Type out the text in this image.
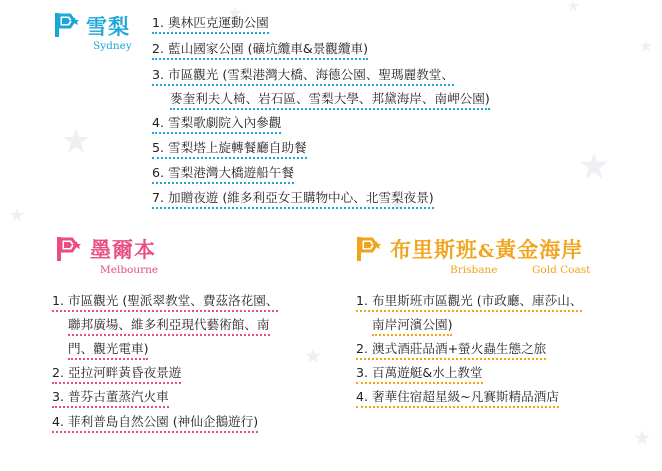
雪梨
Sydney
1. 奧林匹克運動公園
2. 藍山國家公園 (礦坑纜車&景觀纜車)
3. 市區觀光 (雪梨港灣大橋、海德公園、聖瑪麗教堂、
麥奎利夫人椅、岩石區、雪梨大學、邦黛海岸、南岬公園)
4. 雪梨歌劇院入內參觀
5. 雪梨塔上旋轉餐廳自助餐
6. 雪梨港灣大橋遊船午餐
7. 加贈夜遊 (維多利亞女王購物中心、北雪梨夜景)
墨爾本
Melbourne
1. 市區觀光 (聖派翠教堂、費茲洛花園、
聯邦廣場、維多利亞現代藝術館、南
門、觀光電車)
2. 亞拉河畔黃昏夜景遊
3. 普芬古董蒸汽火車
4. 菲利普島自然公園 (神仙企鵝遊行)
布里斯班&黃金海岸
Brisbane	Gold Coast
1. 布里斯班市區觀光 (市政廳、庫莎山、
南岸河濱公園)
2. 澳式酒莊品酒+螢火蟲生態之旅
3. 百萬遊艇&水上教堂
4. 奢華住宿超星級~凡賽斯精品酒店
